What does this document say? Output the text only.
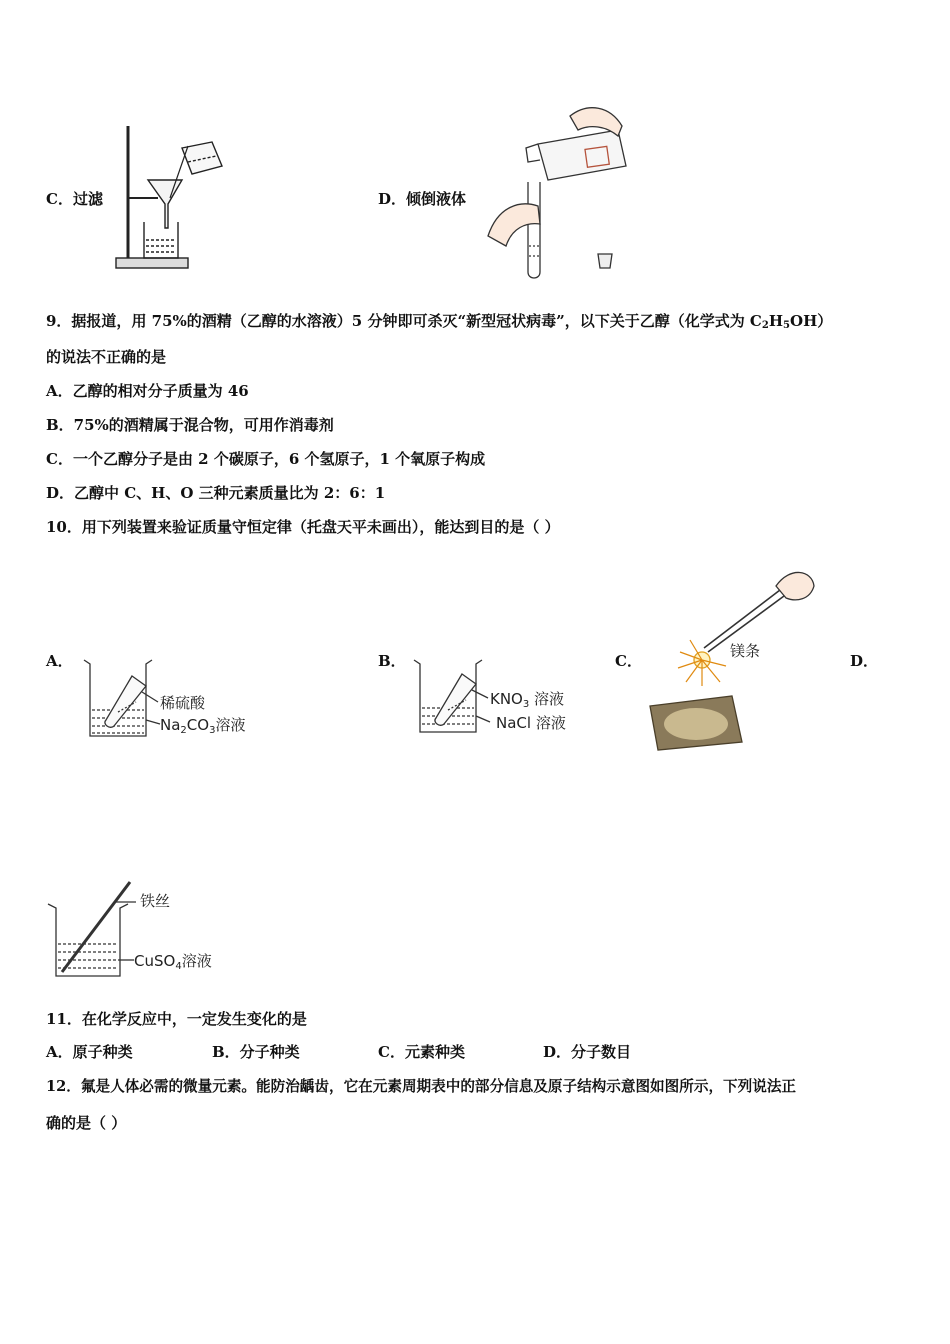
C．过滤	D．倾倒液体
9．据报道，用 75%的酒精（乙醇的水溶液）5 分钟即可杀灭“新型冠状病毒”，以下关于乙醇（化学式为 $C_2H_5OH$）
的说法不正确的是
A．乙醇的相对分子质量为 46
B．75%的酒精属于混合物，可用作消毒剂
C．一个乙醇分子是由 2 个碳原子，6 个氢原子，1 个氧原子构成
D．乙醇中 C、H、O 三种元素质量比为 2：6：1
10．用下列装置来验证质量守恒定律（托盘天平未画出），能达到目的是（ ）
A．	B．	C．	D．
稀硫酸
$Na_2CO_3$溶液
$KNO_3$ 溶液
NaCl 溶液
镁条
铁丝
CuSO$_4$溶液
11．在化学反应中，一定发生变化的是
A．原子种类	B．分子种类	C．元素种类	D．分子数目
12．氟是人体必需的微量元素。能防治龋齿，它在元素周期表中的部分信息及原子结构示意图如图所示，下列说法正
确的是（ ）
